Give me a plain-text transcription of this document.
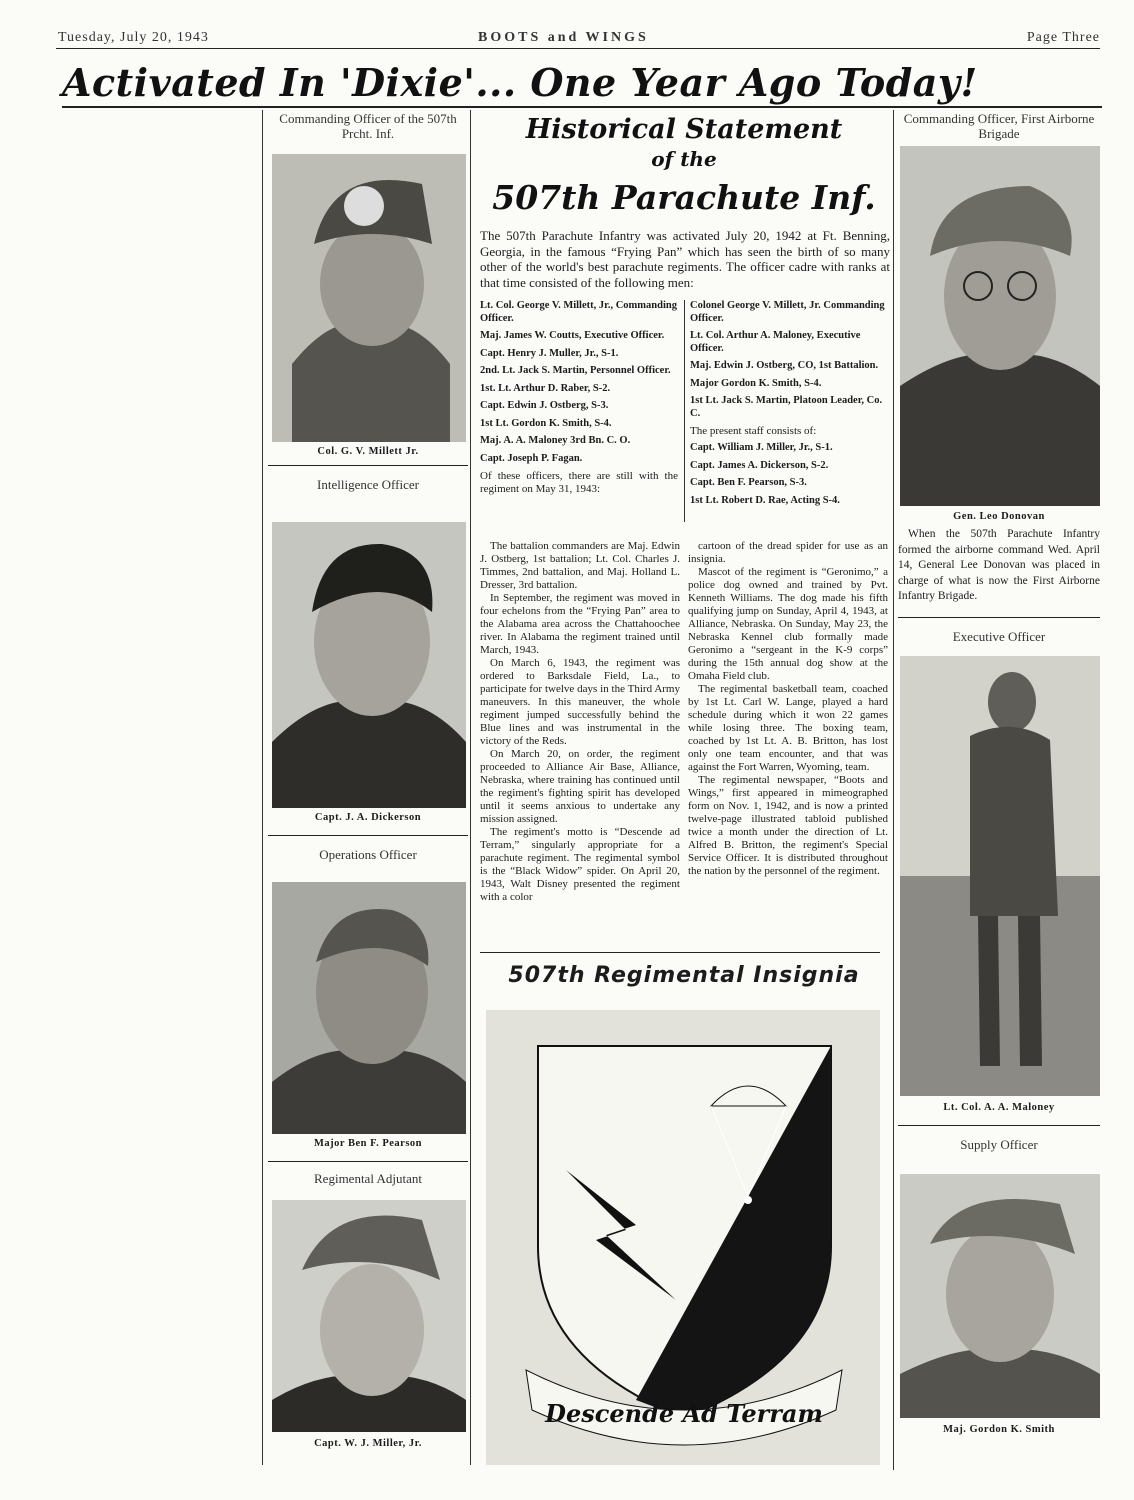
Tuesday, July 20, 1943	BOOTS and WINGS	Page Three
Activated In 'Dixie'... One Year Ago Today!
Commanding Officer of the 507th Prcht. Inf.
Col. G. V. Millett Jr.
Intelligence Officer
Capt. J. A. Dickerson
Operations Officer
Major Ben F. Pearson
Regimental Adjutant
Capt. W. J. Miller, Jr.
Historical Statement
of the
507th Parachute Inf.
The 507th Parachute Infantry was activated July 20, 1942 at Ft. Benning, Georgia, in the famous “Frying Pan” which has seen the birth of so many other of the world's best parachute regiments. The officer cadre with ranks at that time consisted of the following men:

Lt. Col. George V. Millett, Jr., Commanding Officer.

Maj. James W. Coutts, Executive Officer.

Capt. Henry J. Muller, Jr., S-1.

2nd. Lt. Jack S. Martin, Personnel Officer.

1st. Lt. Arthur D. Raber, S-2.

Capt. Edwin J. Ostberg, S-3.

1st Lt. Gordon K. Smith, S-4.

Maj. A. A. Maloney 3rd Bn. C. O.

Capt. Joseph P. Fagan.

Of these officers, there are still with the regiment on May 31, 1943:

Colonel George V. Millett, Jr. Commanding Officer.

Lt. Col. Arthur A. Maloney, Executive Officer.

Maj. Edwin J. Ostberg, CO, 1st Battalion.

Major Gordon K. Smith, S-4.

1st Lt. Jack S. Martin, Platoon Leader, Co. C.

The present staff consists of:

Capt. William J. Miller, Jr., S-1.

Capt. James A. Dickerson, S-2.

Capt. Ben F. Pearson, S-3.

1st Lt. Robert D. Rae, Acting S-4.

The battalion commanders are Maj. Edwin J. Ostberg, 1st battalion; Lt. Col. Charles J. Timmes, 2nd battalion, and Maj. Holland L. Dresser, 3rd battalion.

In September, the regiment was moved in four echelons from the “Frying Pan” area to the Alabama area across the Chattahoochee river. In Alabama the regiment trained until March, 1943.

On March 6, 1943, the regiment was ordered to Barksdale Field, La., to participate for twelve days in the Third Army maneuvers. In this maneuver, the whole regiment jumped successfully behind the Blue lines and was instrumental in the victory of the Reds.

On March 20, on order, the regiment proceeded to Alliance Air Base, Alliance, Nebraska, where training has continued until the regiment's fighting spirit has developed until it seems anxious to undertake any mission assigned.

The regiment's motto is “Descende ad Terram,” singularly appropriate for a parachute regiment. The regimental symbol is the “Black Widow” spider. On April 20, 1943, Walt Disney presented the regiment with a color

cartoon of the dread spider for use as an insignia.

Mascot of the regiment is “Geronimo,” a police dog owned and trained by Pvt. Kenneth Williams. The dog made his fifth qualifying jump on Sunday, April 4, 1943, at Alliance, Nebraska. On Sunday, May 23, the Nebraska Kennel club formally made Geronimo a “sergeant in the K-9 corps” during the 15th annual dog show at the Omaha Field club.

The regimental basketball team, coached by 1st Lt. Carl W. Lange, played a hard schedule during which it won 22 games while losing three. The boxing team, coached by 1st Lt. A. B. Britton, has lost only one team encounter, and that was against the Fort Warren, Wyoming, team.

The regimental newspaper, “Boots and Wings,” first appeared in mimeographed form on Nov. 1, 1942, and is now a printed twelve-page illustrated tabloid published twice a month under the direction of Lt. Alfred B. Britton, the regiment's Special Service Officer. It is distributed throughout the nation by the personnel of the regiment.

507th Regimental Insignia
Descende Ad Terram
Commanding Officer, First Airborne Brigade
Gen. Leo Donovan
When the 507th Parachute Infantry formed the airborne command Wed. April 14, General Lee Donovan was placed in charge of what is now the First Airborne Infantry Brigade.
Executive Officer
Lt. Col. A. A. Maloney
Supply Officer
Maj. Gordon K. Smith
